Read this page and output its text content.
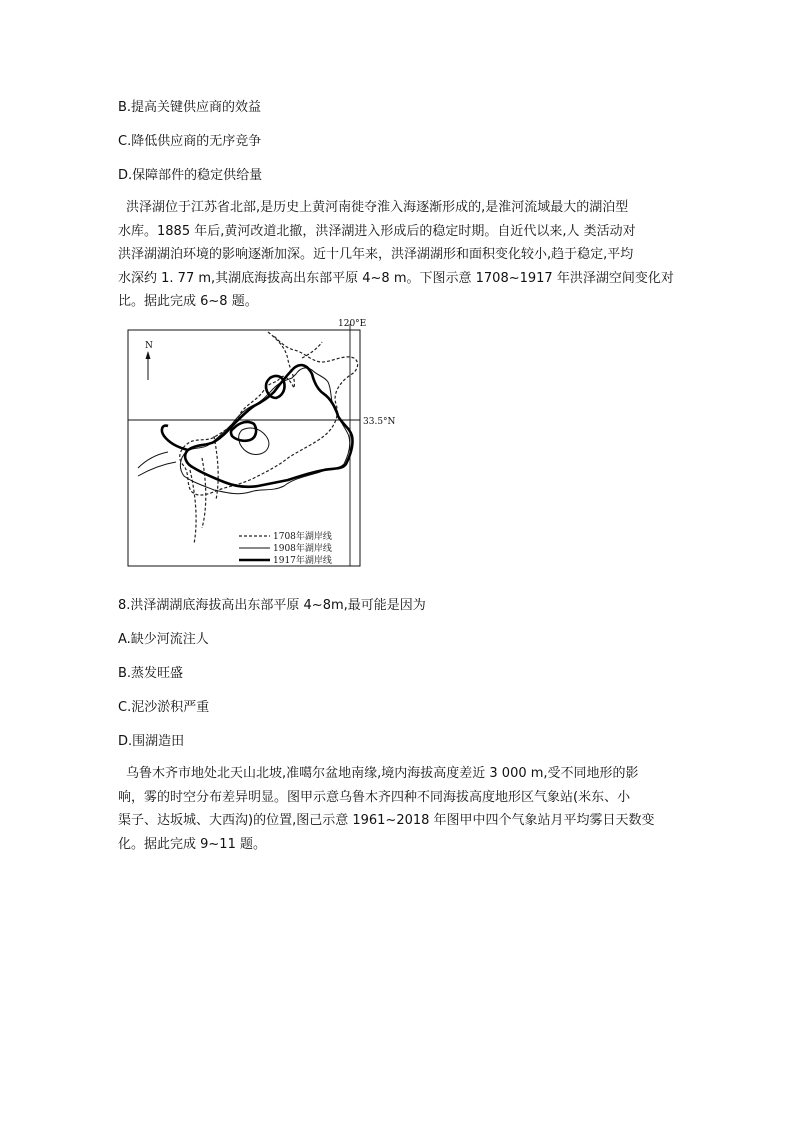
B.提高关键供应商的效益
C.降低供应商的无序竞争
D.保障部件的稳定供给量
洪泽湖位于江苏省北部,是历史上黄河南徙夺淮入海逐渐形成的,是淮河流域最大的湖泊型
水库。1885 年后,黄河改道北撤，洪泽湖进入形成后的稳定时期。自近代以来,人 类活动对
洪泽湖湖泊环境的影响逐渐加深。近十几年来，洪泽湖湖形和面积变化较小,趋于稳定,平均
水深约 1. 77 m,其湖底海拔高出东部平原 4~8 m。下图示意 1708~1917 年洪泽湖空间变化对
比。据此完成 6~8 题。
120°E
33.5°N
N
1708年湖岸线
1908年湖岸线
1917年湖岸线
8.洪泽湖湖底海拔高出东部平原 4~8m,最可能是因为
A.缺少河流注人
B.蒸发旺盛
C.泥沙淤积严重
D.围湖造田
乌鲁木齐市地处北天山北坡,准噶尔盆地南缘,境内海拔高度差近 3 000 m,受不同地形的影
响，雾的时空分布差异明显。图甲示意乌鲁木齐四种不同海拔高度地形区气象站(米东、小
渠子、达坂城、大西沟)的位置,图己示意 1961~2018 年图甲中四个气象站月平均雾日天数变
化。据此完成 9~11 题。
